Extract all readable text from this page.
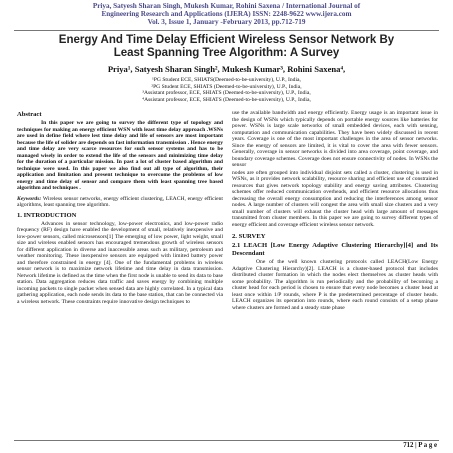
Priya, Satyesh Sharan Singh, Mukesh Kumar, Rohini Saxena / International Journal of
Engineering Research and Applications (IJERA) ISSN: 2248-9622 www.ijera.com
Vol. 3, Issue 1, January -February 2013, pp.712-719
Energy And Time Delay Efficient Wireless Sensor Network By
Least Spanning Tree Algorithm: A Survey
Priya¹, Satyesh Sharan Singh², Mukesh Kumar³, Rohini Saxena⁴,
¹PG Student ECE, SHIATS(Deemed-to-be-university), U.P., India,
²PG Student ECE, SHIATS (Deemed-to-be-university), U.P., India,
³Assistant professor, ECE, SHIATS (Deemed-to-be-university), U.P., India,
⁴Assistant professor, ECE, SHIATS (Deemed-to-be-university), U.P., India,
Abstract

In this paper we are going to survey the different type of topology and techniques for making an energy efficient WSN with least time delay approach .WSNs are used in define field where lest time delay and life of sensors are most important because the life of solider are depends on fast information transmission . Hence energy and time delay are very scarce resources for such sensor systems and has to be managed wisely in order to extend the life of the sensors and minimizing time delay for the duration of a particular mission. In past a lot of cluster based algorithm and technique were used. In this paper we also find out all type of algorithm, their application and limitation and present technique to overcome the problems of low energy and time delay of sensor and compare them with least spanning tree based algorithm and techniques .

Keywords: Wireless sensor networks, energy efficient clustering, LEACH, energy efficient algorithms, least spanning tree algorithm.

1. INTRODUCTION

Advances in sensor technology, low-power electronics, and low-power radio frequency (RF) design have enabled the development of small, relatively inexpensive and low-power sensors, called microsensors[1] The emerging of low power, light weight, small size and wireless enabled sensors has encouraged tremendous growth of wireless sensors for different application in diverse and inaccessible areas such as military, petroleum and weather monitoring. These inexpensive sensors are equipped with limited battery power and therefore constrained in energy [4]. One of the fundamental problems in wireless sensor network is to maximize network lifetime and time delay in data transmission. Network lifetime is defined as the time when the first node is unable to send its data to base station. Data aggregation reduces data traffic and saves energy by combining multiple incoming packets to single packet when sensed data are highly correlated. In a typical data gathering application, each node sends its data to the base station, that can be connected via a wireless network. These constraints require innovative design techniques to

use the available bandwidth and energy efficiently. Energy usage is an important issue in the design of WSNs which typically depends on portable energy sources like batteries for power. WSNs is large scale networks of small embedded devices, each with sensing, computation and communication capabilities. They have been widely discussed in recent years. Coverage is one of the most important challenges in the area of sensor networks. Since the energy of sensors are limited, it is vital to cover the area with fewer sensors. Generally, coverage in sensor networks is divided into area coverage, point coverage, and boundary coverage schemes. Coverage does not ensure connectivity of nodes. In WSNs the sensor

nodes are often grouped into individual disjoint sets called a cluster, clustering is used in WSNs, as it provides network scalability, resource sharing and efficient use of constrained resources that gives network topology stability and energy saving attributes. Clustering schemes offer reduced communication overheads, and efficient resource allocations thus decreasing the overall energy consumption and reducing the interferences among sensor nodes. A large number of clusters will congest the area with small size clusters and a very small number of clusters will exhaust the cluster head with large amount of messages transmitted from cluster members. In this paper we are going to survey different types of energy efficient and coverage efficient wireless sensor network.

2. SURVEY
2.1 LEACH [Low Energy Adaptive Clustering Hierarchy][4] and Its Descendant

One of the well known clustering protocols called LEACH(Low Energy Adaptive Clustering Hierarchy)[2]. LEACH is a cluster-based protocol that includes distributed cluster formation in which the nodes elect themselves as cluster heads with some probability. The algorithm is run periodically and the probability of becoming a cluster head for each period is chosen to ensure that every node becomes a cluster head at least once within 1/P rounds, where P is the predetermined percentage of cluster heads. LEACH organizes its operation into rounds, where each round consists of a setup phase where clusters are formed and a steady state phase

712 | P a g e
